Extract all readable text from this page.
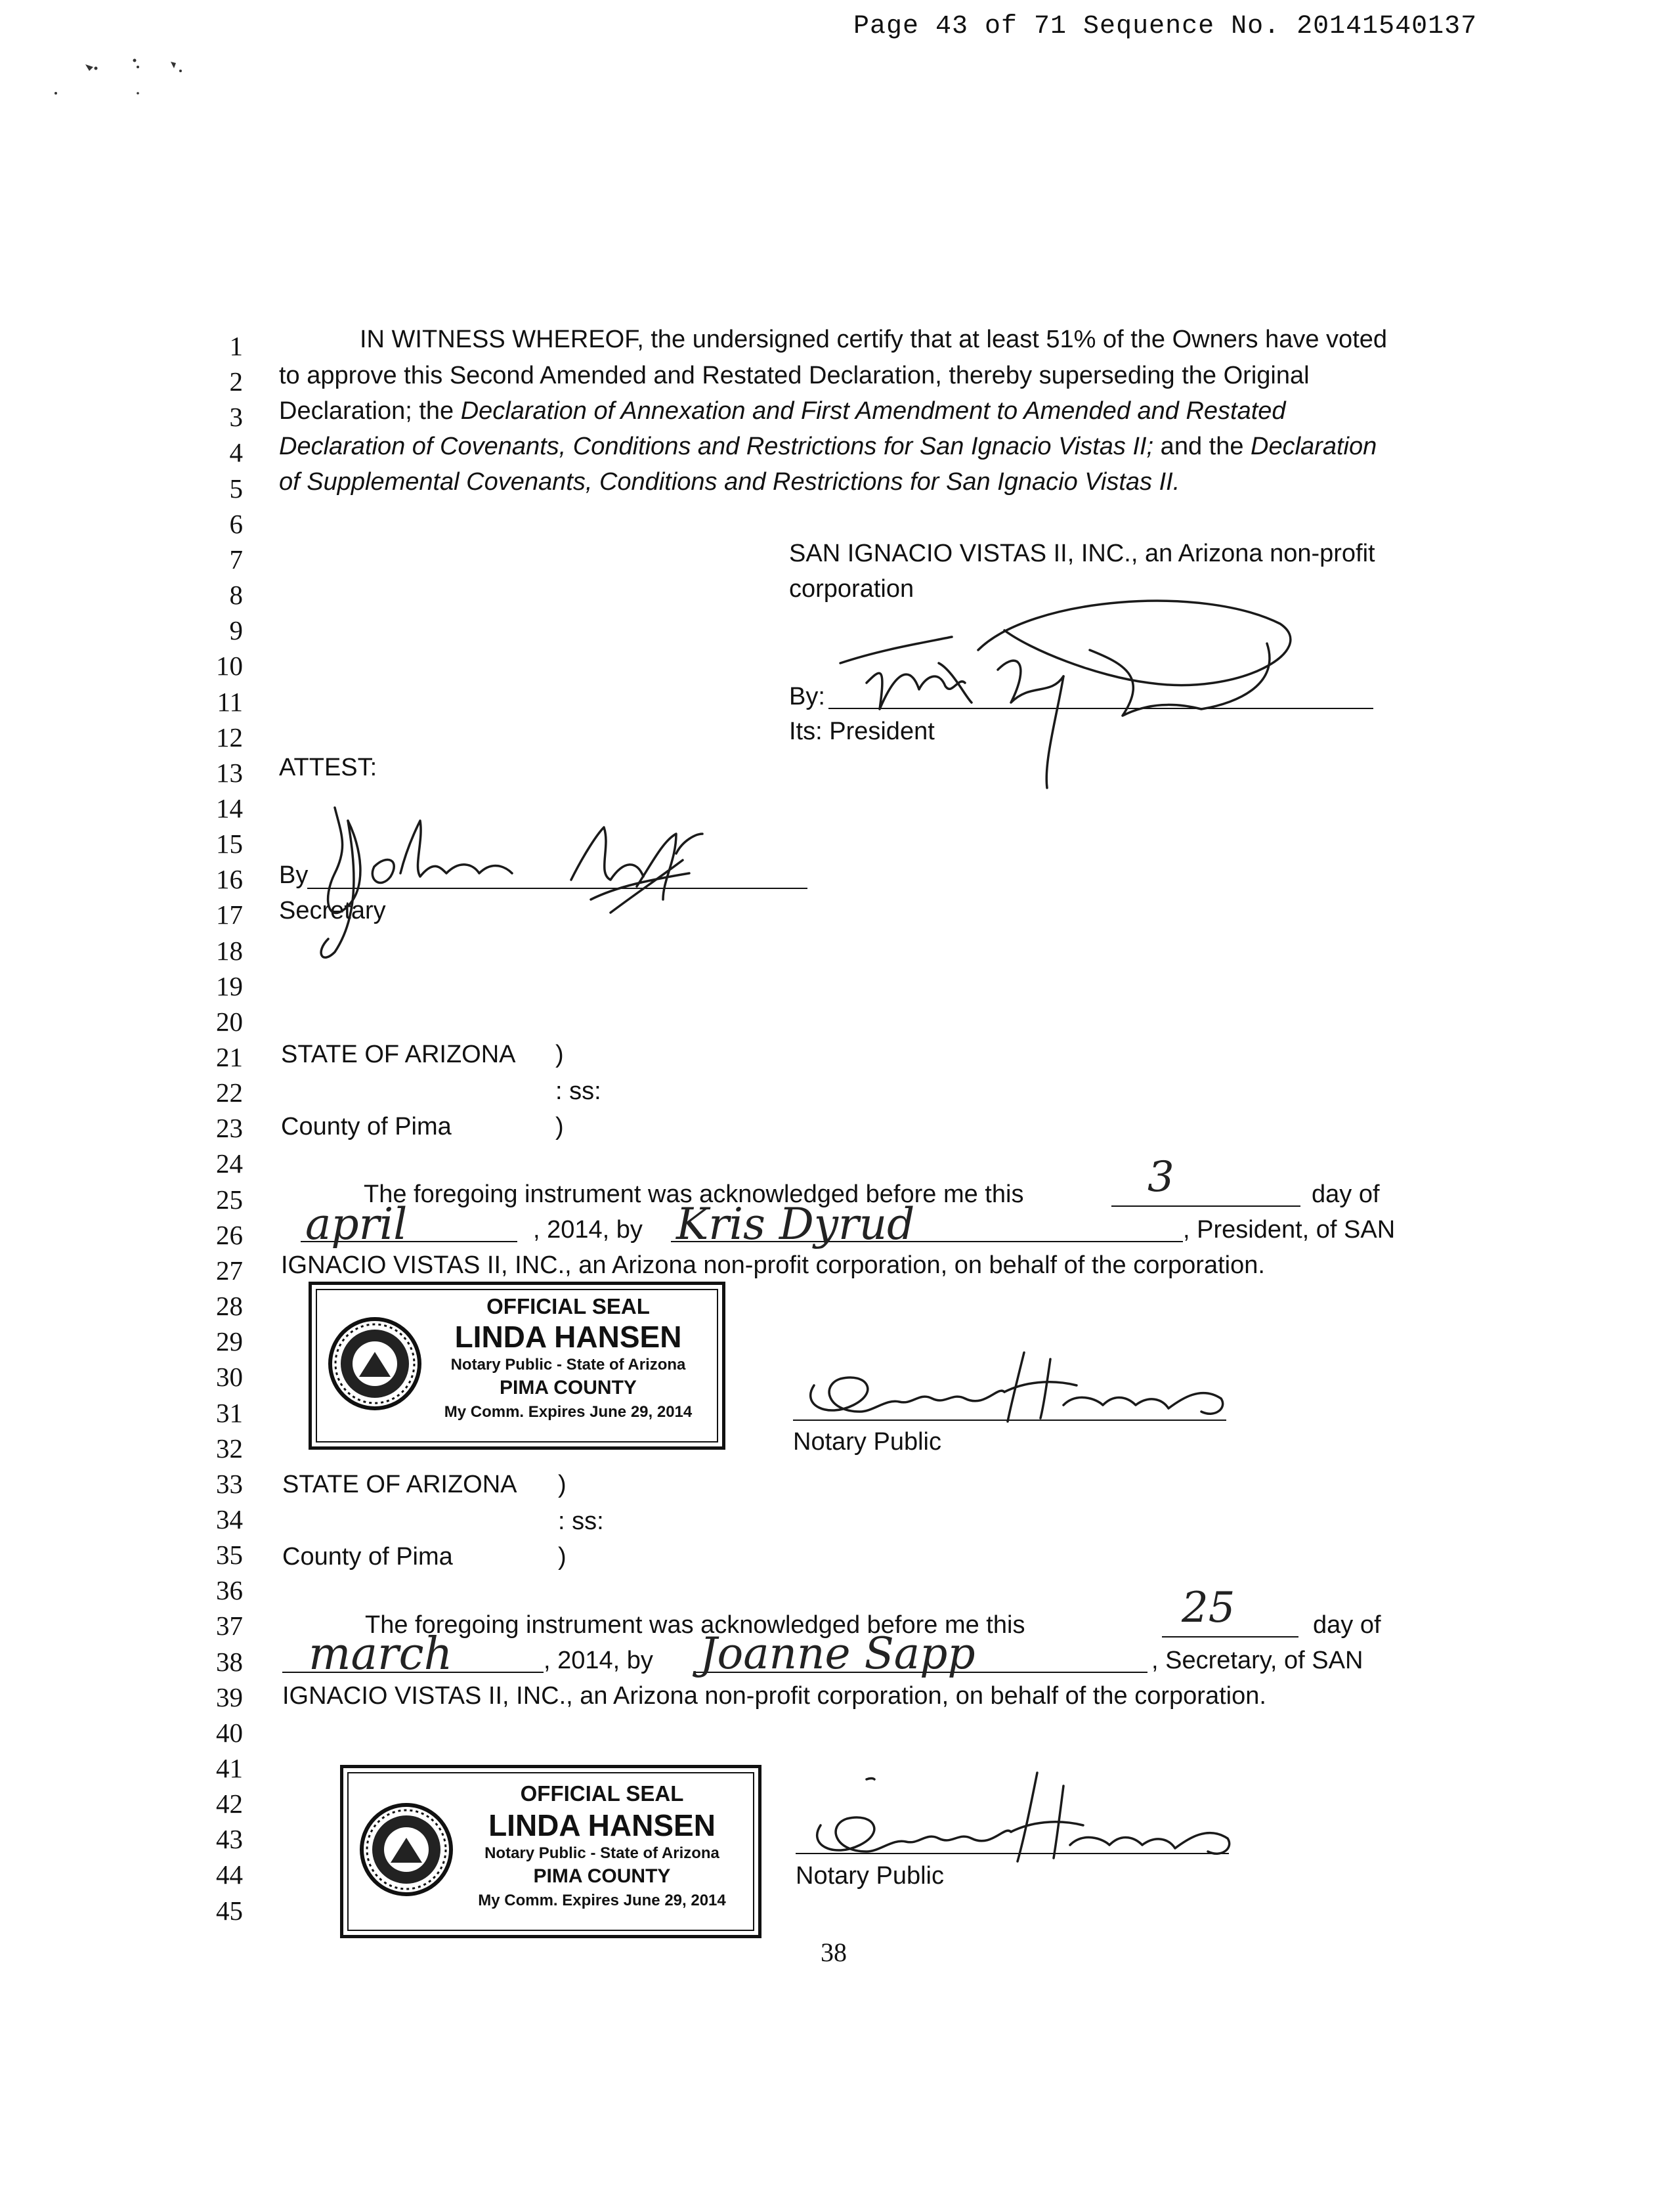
Page 43 of 71 Sequence No. 20141540137
1
2
3
4
5
6
7
8
9
10
11
12
13
14
15
16
17
18
19
20
21
22
23
24
25
26
27
28
29
30
31
32
33
34
35
36
37
38
39
40
41
42
43
44
45
IN WITNESS WHEREOF, the undersigned certify that at least 51% of the Owners have voted
to approve this Second Amended and Restated Declaration, thereby superseding the Original
Declaration; the Declaration of Annexation and First Amendment to Amended and Restated
Declaration of Covenants, Conditions and Restrictions for San Ignacio Vistas II; and the Declaration
of Supplemental Covenants, Conditions and Restrictions for San Ignacio Vistas II.
SAN IGNACIO VISTAS II, INC., an Arizona non-profit
corporation
By:
Its: President
ATTEST:
By
Secretary
STATE OF ARIZONA )
: ss:
County of Pima	)
The foregoing instrument was acknowledged before me this	3	day of
april	, 2014, by Kris Dyrud	, President, of SAN
IGNACIO VISTAS II, INC., an Arizona non-profit corporation, on behalf of the corporation.
OFFICIAL SEAL
LINDA HANSEN
Notary Public - State of Arizona
PIMA COUNTY
My Comm. Expires June 29, 2014
Notary Public
STATE OF ARIZONA )
: ss:
County of Pima	)
The foregoing instrument was acknowledged before me this	25	day of
march	, 2014, by Joanne Sapp	, Secretary, of SAN
IGNACIO VISTAS II, INC., an Arizona non-profit corporation, on behalf of the corporation.
OFFICIAL SEAL
LINDA HANSEN
Notary Public - State of Arizona
PIMA COUNTY
My Comm. Expires June 29, 2014
Notary Public
38
